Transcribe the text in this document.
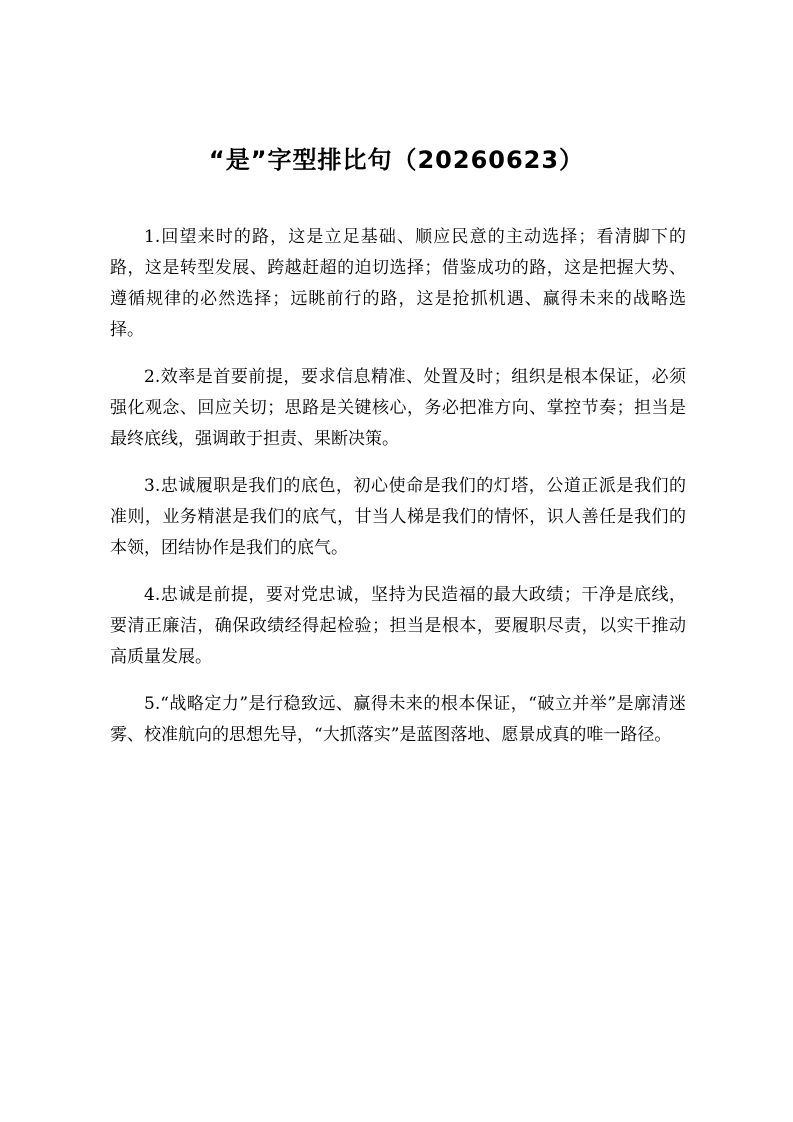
“是”字型排比句（20260623）

1.回望来时的路，这是立足基础、顺应民意的主动选择；看清脚下的路，这是转型发展、跨越赶超的迫切选择；借鉴成功的路，这是把握大势、遵循规律的必然选择；远眺前行的路，这是抢抓机遇、赢得未来的战略选择。

2.效率是首要前提，要求信息精准、处置及时；组织是根本保证，必须强化观念、回应关切；思路是关键核心，务必把准方向、掌控节奏；担当是最终底线，强调敢于担责、果断决策。

3.忠诚履职是我们的底色，初心使命是我们的灯塔，公道正派是我们的准则，业务精湛是我们的底气，甘当人梯是我们的情怀，识人善任是我们的本领，团结协作是我们的底气。

4.忠诚是前提，要对党忠诚，坚持为民造福的最大政绩；干净是底线，要清正廉洁，确保政绩经得起检验；担当是根本，要履职尽责，以实干推动高质量发展。

5.“战略定力”是行稳致远、赢得未来的根本保证，“破立并举”是廓清迷雾、校准航向的思想先导，“大抓落实”是蓝图落地、愿景成真的唯一路径。
